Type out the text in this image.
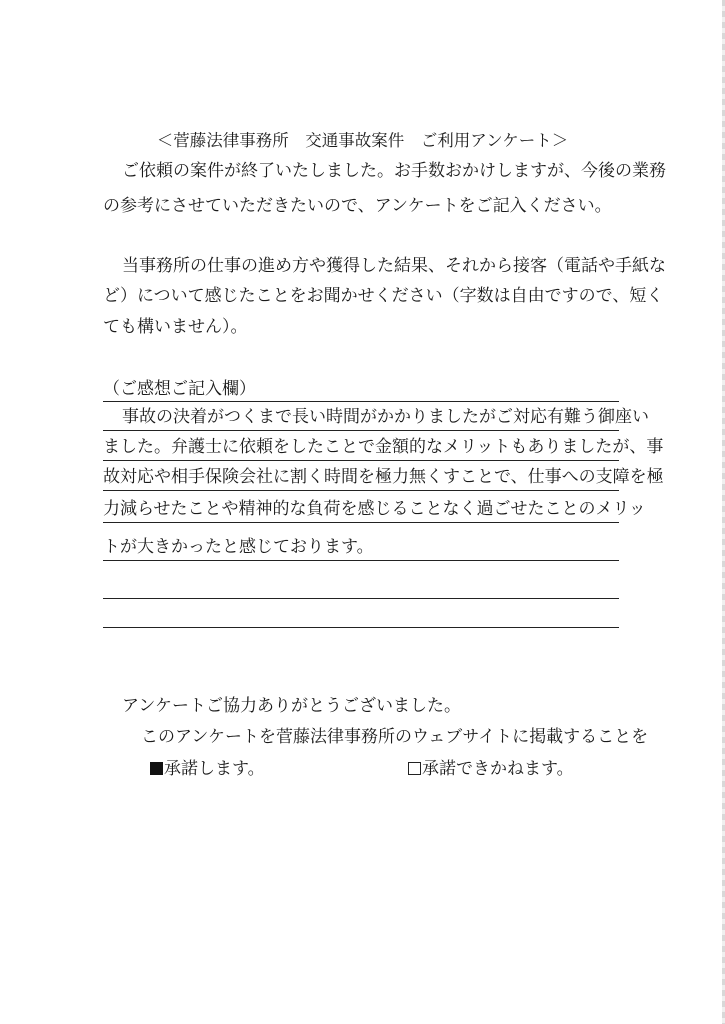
＜菅藤法律事務所　交通事故案件　ご利用アンケート＞
ご依頼の案件が終了いたしました。お手数おかけしますが、今後の業務
の参考にさせていただきたいので、アンケートをご記入ください。
当事務所の仕事の進め方や獲得した結果、それから接客（電話や手紙な
ど）について感じたことをお聞かせください（字数は自由ですので、短く
ても構いません）。
（ご感想ご記入欄）
事故の決着がつくまで長い時間がかかりましたがご対応有難う御座い
ました。弁護士に依頼をしたことで金額的なメリットもありましたが、事
故対応や相手保険会社に割く時間を極力無くすことで、仕事への支障を極
力減らせたことや精神的な負荷を感じることなく過ごせたことのメリッ
トが大きかったと感じております。
アンケートご協力ありがとうございました。
このアンケートを菅藤法律事務所のウェブサイトに掲載することを
承諾します。	承諾できかねます。
